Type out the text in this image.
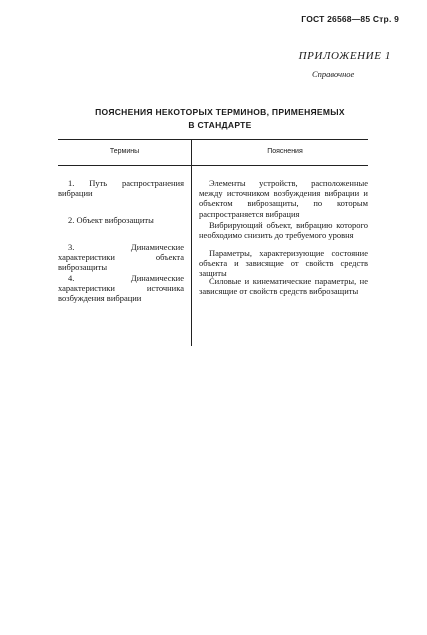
ГОСТ 26568—85 Стр. 9
ПРИЛОЖЕНИЕ 1
Справочное
ПОЯСНЕНИЯ НЕКОТОРЫХ ТЕРМИНОВ, ПРИМЕНЯЕМЫХ
В СТАНДАРТЕ
Термины	Пояснения
1. Путь распространения вибрации
Элементы устройств, расположенные между источником возбуждения вибрации и объектом виброзащиты, по которым распространяется вибрация
2. Объект виброзащиты	Вибрирующий объект, вибрацию которого необходимо снизить до требуемого уровня
3. Динамические характеристики объекта виброзащиты
Параметры, характеризующие состояние объекта и зависящие от свойств средств защиты
4. Динамические характеристики источника возбуждения вибрации
Силовые и кинематические параметры, не зависящие от свойств средств виброзащиты
